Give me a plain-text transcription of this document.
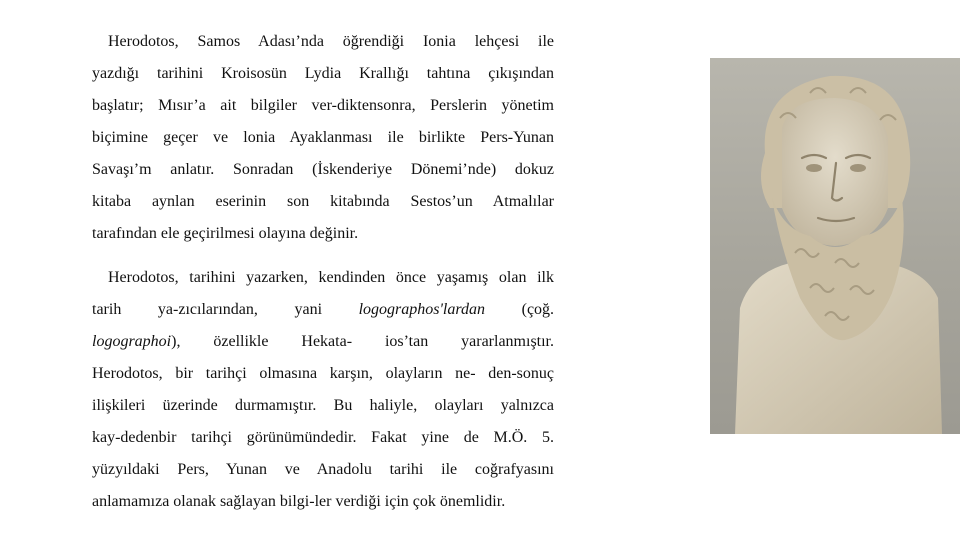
Herodotos, Samos Adası’nda öğrendiği Ionia lehçesi ile
yazdığı tarihini Kroisosün Lydia Krallığı tahtına çıkışından
başlatır; Mısır’a ait bilgiler ver-diktensonra, Perslerin yönetim
biçimine geçer ve lonia Ayaklanması ile birlikte Pers-Yunan
Savaşı’m anlatır. Sonradan (İskenderiye Dönemi’nde) dokuz
kitaba aynlan eserinin son kitabında Sestos’un Atmalılar
tarafından ele geçirilmesi olayına değinir.
Herodotos, tarihini yazarken, kendinden önce yaşamış olan ilk
tarih ya-zıcılarından, yani logographos'lardan (çoğ.
logographoi), özellikle Hekata- ios’tan yararlanmıştır.
Herodotos, bir tarihçi olmasına karşın, olayların ne- den-sonuç
ilişkileri üzerinde durmamıştır. Bu haliyle, olayları yalnızca
kay-dedenbir tarihçi görünümündedir. Fakat yine de M.Ö. 5.
yüzyıldaki Pers, Yunan ve Anadolu tarihi ile coğrafyasını
anlamamıza olanak sağlayan bilgi-ler verdiği için çok önemlidir.
